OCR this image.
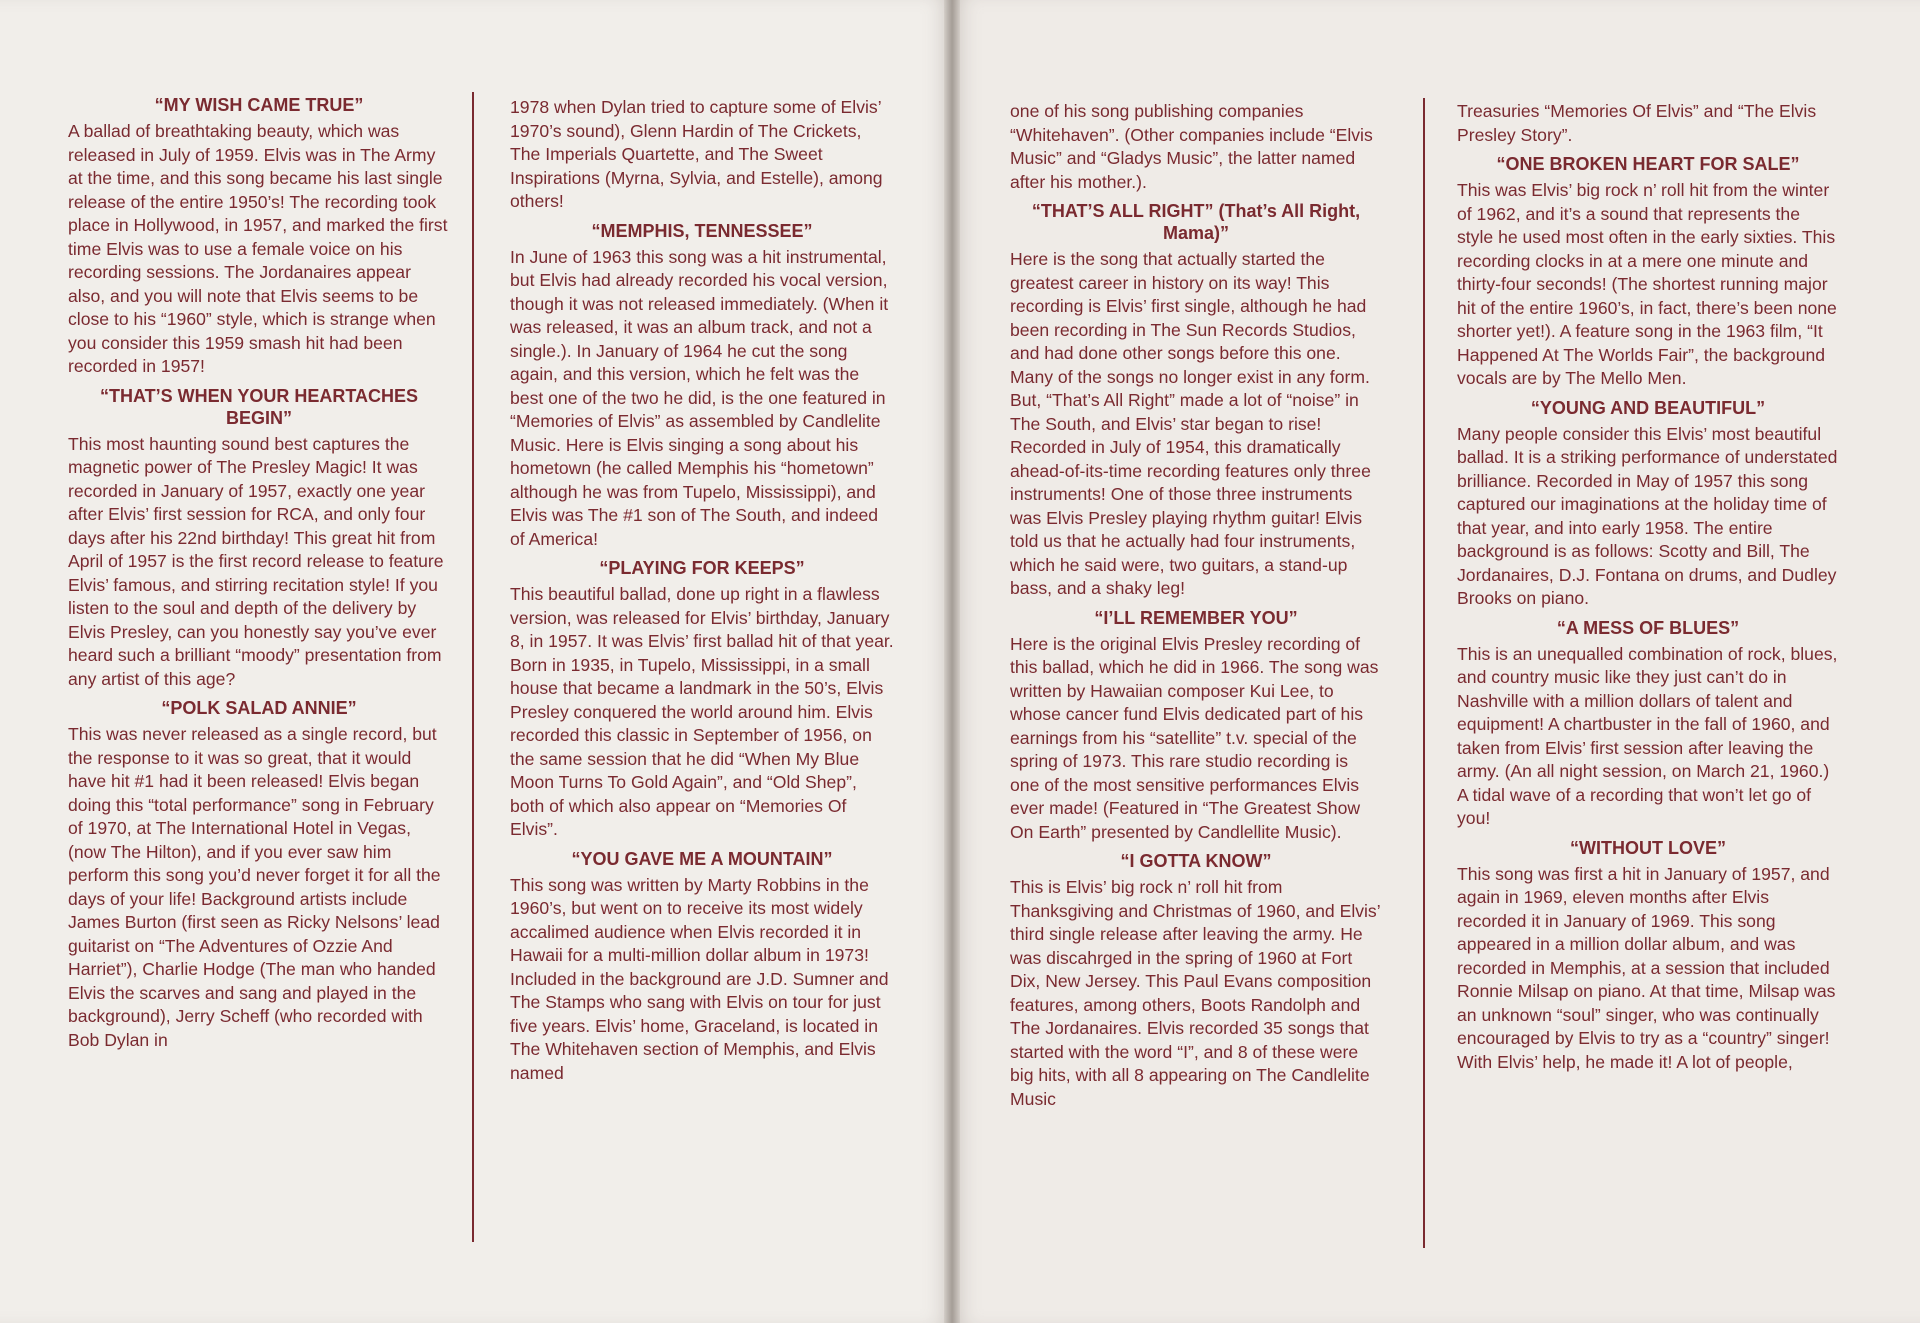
“MY WISH CAME TRUE”

A ballad of breathtaking beauty, which was released in July of 1959. Elvis was in The Army at the time, and this song became his last single release of the entire 1950’s! The recording took place in Hollywood, in 1957, and marked the first time Elvis was to use a female voice on his recording sessions. The Jordanaires appear also, and you will note that Elvis seems to be close to his “1960” style, which is strange when you consider this 1959 smash hit had been recorded in 1957!

“THAT’S WHEN YOUR HEARTACHES BEGIN”

This most haunting sound best captures the magnetic power of The Presley Magic! It was recorded in January of 1957, exactly one year after Elvis’ first session for RCA, and only four days after his 22nd birthday! This great hit from April of 1957 is the first record release to feature Elvis’ famous, and stirring recitation style! If you listen to the soul and depth of the delivery by Elvis Presley, can you honestly say you’ve ever heard such a brilliant “moody” presentation from any artist of this age?

“POLK SALAD ANNIE”

This was never released as a single record, but the response to it was so great, that it would have hit #1 had it been released! Elvis began doing this “total performance” song in February of 1970, at The International Hotel in Vegas, (now The Hilton), and if you ever saw him perform this song you’d never forget it for all the days of your life! Background artists include James Burton (first seen as Ricky Nelsons’ lead guitarist on “The Adventures of Ozzie And Harriet”), Charlie Hodge (The man who handed Elvis the scarves and sang and played in the background), Jerry Scheff (who recorded with Bob Dylan in

1978 when Dylan tried to capture some of Elvis’ 1970’s sound), Glenn Hardin of The Crickets, The Imperials Quartette, and The Sweet Inspirations (Myrna, Sylvia, and Estelle), among others!

“MEMPHIS, TENNESSEE”

In June of 1963 this song was a hit instrumental, but Elvis had already recorded his vocal version, though it was not released immediately. (When it was released, it was an album track, and not a single.). In January of 1964 he cut the song again, and this version, which he felt was the best one of the two he did, is the one featured in “Memories of Elvis” as assembled by Candlelite Music. Here is Elvis singing a song about his hometown (he called Memphis his “hometown” although he was from Tupelo, Mississippi), and Elvis was The #1 son of The South, and indeed of America!

“PLAYING FOR KEEPS”

This beautiful ballad, done up right in a flawless version, was released for Elvis’ birthday, January 8, in 1957. It was Elvis’ first ballad hit of that year. Born in 1935, in Tupelo, Mississippi, in a small house that became a landmark in the 50’s, Elvis Presley conquered the world around him. Elvis recorded this classic in September of 1956, on the same session that he did “When My Blue Moon Turns To Gold Again”, and “Old Shep”, both of which also appear on “Memories Of Elvis”.

“YOU GAVE ME A MOUNTAIN”

This song was written by Marty Robbins in the 1960’s, but went on to receive its most widely accalimed audience when Elvis recorded it in Hawaii for a multi-million dollar album in 1973! Included in the background are J.D. Sumner and The Stamps who sang with Elvis on tour for just five years. Elvis’ home, Graceland, is located in The Whitehaven section of Memphis, and Elvis named

one of his song publishing companies “Whitehaven”. (Other companies include “Elvis Music” and “Gladys Music”, the latter named after his mother.).

“THAT’S ALL RIGHT” (That’s All Right, Mama)”

Here is the song that actually started the greatest career in history on its way! This recording is Elvis’ first single, although he had been recording in The Sun Records Studios, and had done other songs before this one. Many of the songs no longer exist in any form. But, “That’s All Right” made a lot of “noise” in The South, and Elvis’ star began to rise! Recorded in July of 1954, this dramatically ahead-of-its-time recording features only three instruments! One of those three instruments was Elvis Presley playing rhythm guitar! Elvis told us that he actually had four instruments, which he said were, two guitars, a stand-up bass, and a shaky leg!

“I’LL REMEMBER YOU”

Here is the original Elvis Presley recording of this ballad, which he did in 1966. The song was written by Hawaiian composer Kui Lee, to whose cancer fund Elvis dedicated part of his earnings from his “satellite” t.v. special of the spring of 1973. This rare studio recording is one of the most sensitive performances Elvis ever made! (Featured in “The Greatest Show On Earth” presented by Candlellite Music).

“I GOTTA KNOW”

This is Elvis’ big rock n’ roll hit from Thanksgiving and Christmas of 1960, and Elvis’ third single release after leaving the army. He was discahrged in the spring of 1960 at Fort Dix, New Jersey. This Paul Evans composition features, among others, Boots Randolph and The Jordanaires. Elvis recorded 35 songs that started with the word “I”, and 8 of these were big hits, with all 8 appearing on The Candlelite Music

Treasuries “Memories Of Elvis” and “The Elvis Presley Story”.

“ONE BROKEN HEART FOR SALE”

This was Elvis’ big rock n’ roll hit from the winter of 1962, and it’s a sound that represents the style he used most often in the early sixties. This recording clocks in at a mere one minute and thirty-four seconds! (The shortest running major hit of the entire 1960’s, in fact, there’s been none shorter yet!). A feature song in the 1963 film, “It Happened At The Worlds Fair”, the background vocals are by The Mello Men.

“YOUNG AND BEAUTIFUL”

Many people consider this Elvis’ most beautiful ballad. It is a striking performance of understated brilliance. Recorded in May of 1957 this song captured our imaginations at the holiday time of that year, and into early 1958. The entire background is as follows: Scotty and Bill, The Jordanaires, D.J. Fontana on drums, and Dudley Brooks on piano.

“A MESS OF BLUES”

This is an unequalled combination of rock, blues, and country music like they just can’t do in Nashville with a million dollars of talent and equipment! A chartbuster in the fall of 1960, and taken from Elvis’ first session after leaving the army. (An all night session, on March 21, 1960.) A tidal wave of a recording that won’t let go of you!

“WITHOUT LOVE”

This song was first a hit in January of 1957, and again in 1969, eleven months after Elvis recorded it in January of 1969. This song appeared in a million dollar album, and was recorded in Memphis, at a session that included Ronnie Milsap on piano. At that time, Milsap was an unknown “soul” singer, who was continually encouraged by Elvis to try as a “country” singer! With Elvis’ help, he made it! A lot of people,
